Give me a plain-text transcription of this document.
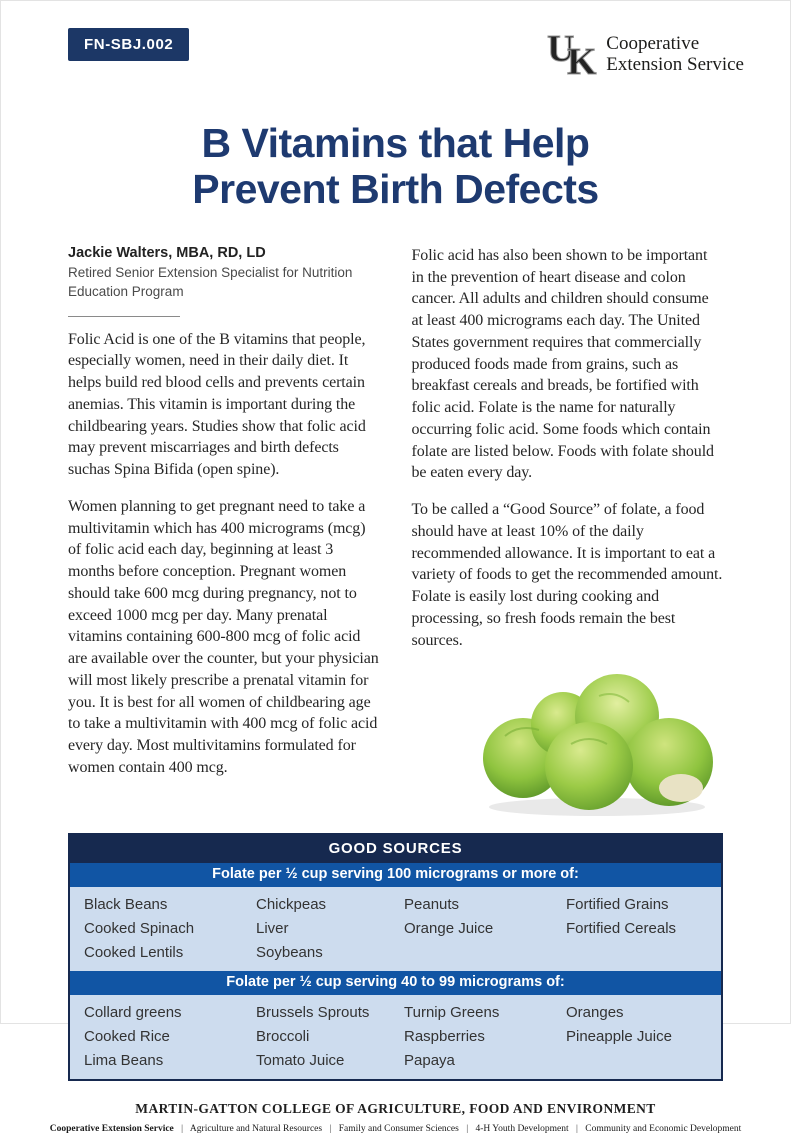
FN-SBJ.002	U
K Cooperative
Extension Service
B Vitamins that Help
Prevent Birth Defects
Jackie Walters, MBA, RD, LD
Retired Senior Extension Specialist for Nutrition
Education Program

Folic Acid is one of the B vitamins that people, especially women, need in their daily diet. It helps build red blood cells and prevents certain anemias. This vitamin is important during the childbearing years. Studies show that folic acid may prevent miscarriages and birth defects suchas Spina Bifida (open spine).

Women planning to get pregnant need to take a multivitamin which has 400 micrograms (mcg) of folic acid each day, beginning at least 3 months before conception. Pregnant women should take 600 mcg during pregnancy, not to exceed 1000 mcg per day. Many prenatal vitamins containing 600-800 mcg of folic acid are available over the counter, but your physician will most likely prescribe a prenatal vitamin for you. It is best for all women of childbearing age to take a multivitamin with 400 mcg of folic acid every day. Most multivitamins formulated for women contain 400 mcg.

Folic acid has also been shown to be important in the prevention of heart disease and colon cancer. All adults and children should consume at least 400 micrograms each day. The United States government requires that commercially produced foods made from grains, such as breakfast cereals and breads, be fortified with folic acid. Folate is the name for naturally occurring folic acid. Some foods which contain folate are listed below. Foods with folate should be eaten every day.

To be called a “Good Source” of folate, a food should have at least 10% of the daily recommended allowance. It is important to eat a variety of foods to get the recommended amount. Folate is easily lost during cooking and processing, so fresh foods remain the best sources.

GOOD SOURCES
Folate per ½ cup serving 100 micrograms or more of:
Black Beans	Chickpeas	Peanuts	Fortified Grains
Cooked Spinach	Liver	Orange Juice	Fortified Cereals
Cooked Lentils	Soybeans
Folate per ½ cup serving 40 to 99 micrograms of:
Collard greens	Brussels Sprouts	Turnip Greens	Oranges
Cooked Rice	Broccoli	Raspberries	Pineapple Juice
Lima Beans	Tomato Juice	Papaya
MARTIN-GATTON COLLEGE OF AGRICULTURE, FOOD AND ENVIRONMENT
Cooperative Extension Service | Agriculture and Natural Resources | Family and Consumer Sciences | 4-H Youth Development | Community and Economic Development
